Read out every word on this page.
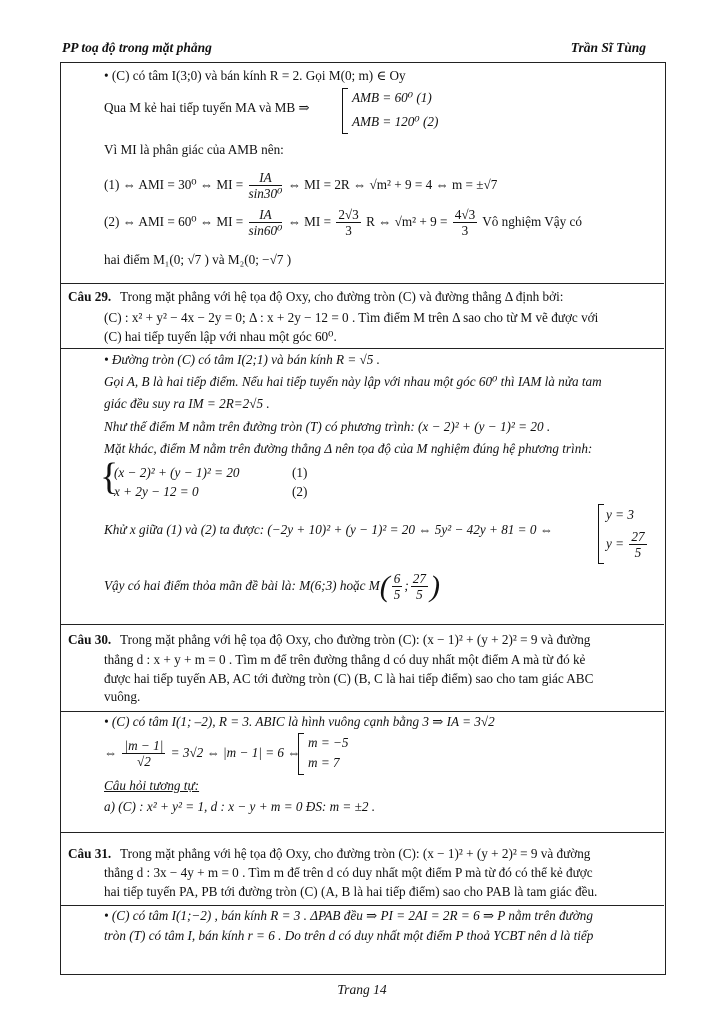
PP toạ độ trong mặt phẳng	Trần Sĩ Tùng
• (C) có tâm I(3;0) và bán kính R = 2. Gọi M(0; m) ∈ Oy
Qua M kẻ hai tiếp tuyến MA và MB ⇒
AMB = 60⁰ (1)
AMB = 120⁰ (2)
Vì MI là phân giác của AMB nên:
(1) ⇔ AMI = 30⁰ ⇔ MI = $\frac{IA}{\text{sin30⁰}}$ ⇔ MI = 2R ⇔ √m² + 9 = 4 ⇔ m = ±√7
(2) ⇔ AMI = 60⁰ ⇔ MI = $\frac{IA}{\text{sin60⁰}}$ ⇔ MI = $\frac{2√3}{3}$ R ⇔ $√m^2 + 9 = \frac{4√3}{3}$ Vô nghiệm Vậy có
hai điểm M₁(0; √7 ) và M₂(0; −√7 )
Câu 29. Trong mặt phẳng với hệ tọa độ Oxy, cho đường tròn (C) và đường thẳng Δ định bởi:
(C) : x² + y² − 4x − 2y = 0; Δ : x + 2y − 12 = 0 . Tìm điểm M trên Δ sao cho từ M vẽ được với
(C) hai tiếp tuyến lập với nhau một góc 60⁰.
• Đường tròn (C) có tâm I(2;1) và bán kính R = √5 .
Gọi A, B là hai tiếp điểm. Nếu hai tiếp tuyến này lập với nhau một góc 60⁰ thì IAM là nửa tam
giác đều suy ra IM = 2R=2√5 .
Như thế điểm M nằm trên đường tròn (T) có phương trình: (x − 2)² + (y − 1)² = 20 .
Mặt khác, điểm M nằm trên đường thẳng Δ nên tọa độ của M nghiệm đúng hệ phương trình:
{
(x − 2)² + (y − 1)² = 20	(1)
x + 2y − 12 = 0	(2)
Khử x giữa (1) và (2) ta được: (−2y + 10)² + (y − 1)² = 20 ⇔ 5y² − 42y + 81 = 0 ⇔
y = 3
$y = \frac{27}{5}$
Vậy có hai điểm thỏa mãn đề bài là: M(6;3) hoặc $M( \frac{6}{5}$ ; $\frac{27}{5}$ )
Câu 30. Trong mặt phẳng với hệ tọa độ Oxy, cho đường tròn (C): (x − 1)² + (y + 2)² = 9 và đường
thẳng d : x + y + m = 0 . Tìm m để trên đường thẳng d có duy nhất một điểm A mà từ đó kẻ
được hai tiếp tuyến AB, AC tới đường tròn (C) (B, C là hai tiếp điểm) sao cho tam giác ABC
vuông.
• (C) có tâm I(1; –2), R = 3. ABIC là hình vuông cạnh bằng 3 ⇒ IA = 3√2
⇔ $\frac{|m - 1|}{√2} = 3√2$ ⇔ |m − 1| = 6 ⇔
m = −5
m = 7
Câu hỏi tương tự:
a) (C) : x² + y² = 1, d : x − y + m = 0 ĐS: m = ±2 .
Câu 31. Trong mặt phẳng với hệ tọa độ Oxy, cho đường tròn (C): (x − 1)² + (y + 2)² = 9 và đường
thẳng d : 3x − 4y + m = 0 . Tìm m để trên d có duy nhất một điểm P mà từ đó có thể kẻ được
hai tiếp tuyến PA, PB tới đường tròn (C) (A, B là hai tiếp điểm) sao cho PAB là tam giác đều.
• (C) có tâm I(1;−2) , bán kính R = 3 . ΔPAB đều ⇒ PI = 2AI = 2R = 6 ⇒ P nằm trên đường
tròn (T) có tâm I, bán kính r = 6 . Do trên d có duy nhất một điểm P thoả YCBT nên d là tiếp
Trang 14
